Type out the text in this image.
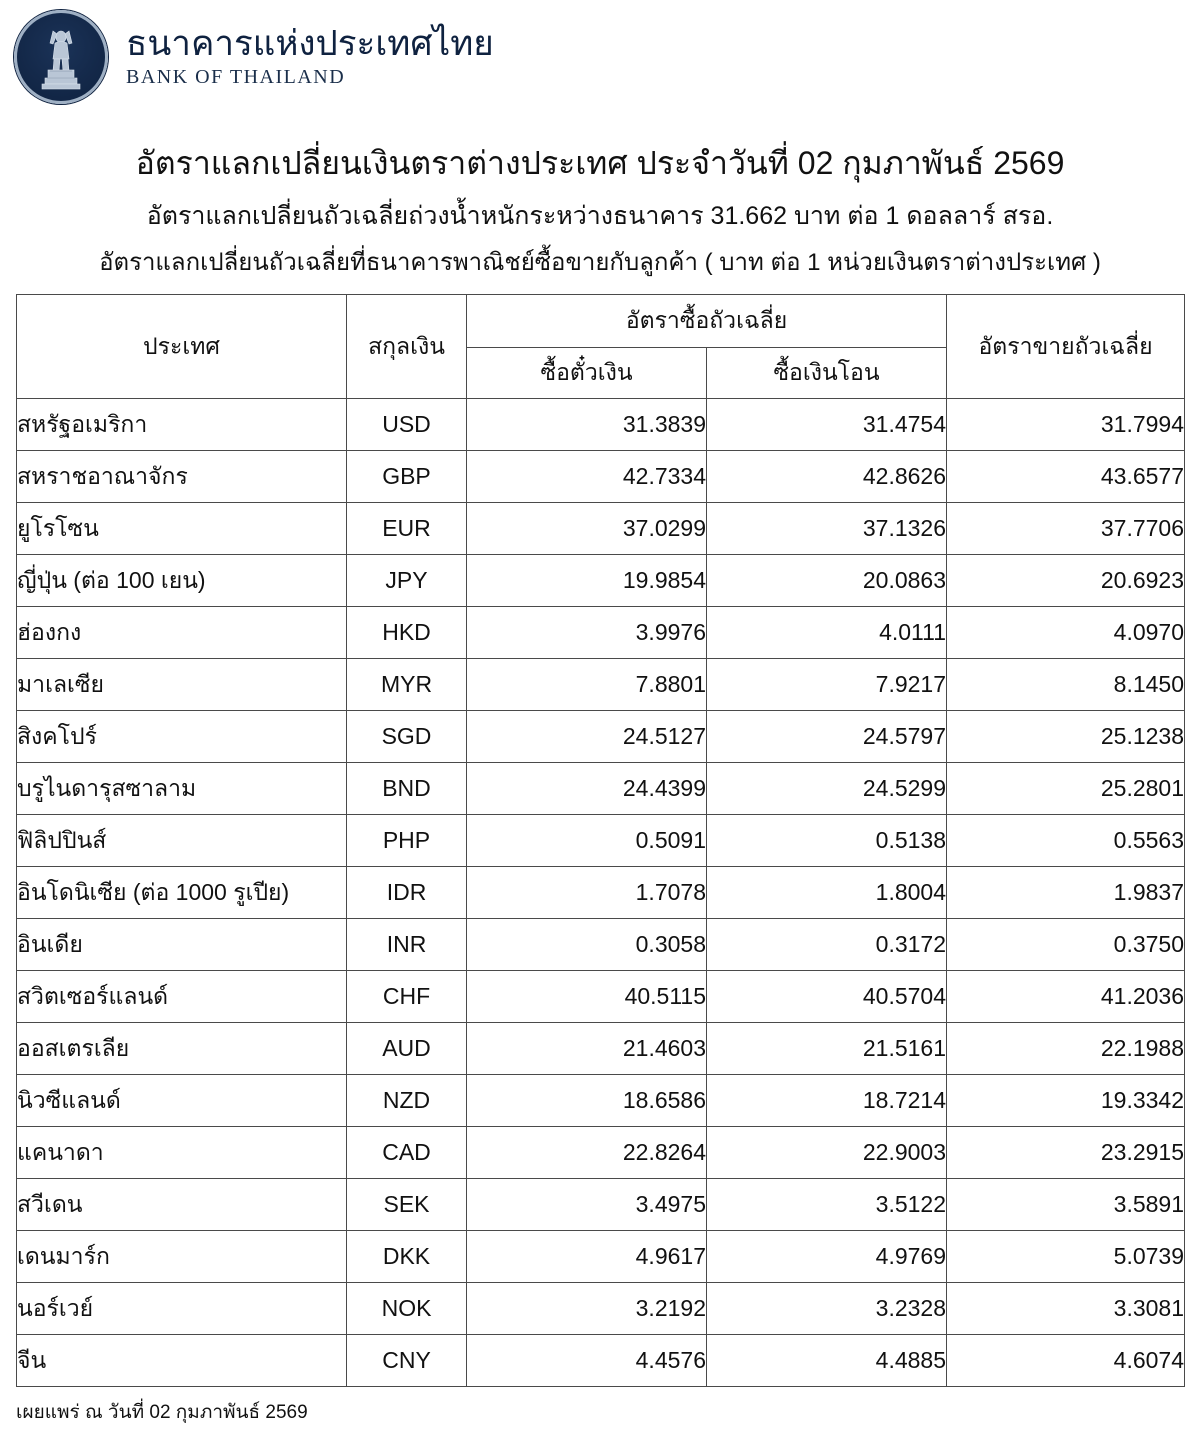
ธนาคารแห่งประเทศไทย
BANK OF THAILAND
อัตราแลกเปลี่ยนเงินตราต่างประเทศ ประจำวันที่ 02 กุมภาพันธ์ 2569
อัตราแลกเปลี่ยนถัวเฉลี่ยถ่วงน้ำหนักระหว่างธนาคาร 31.662 บาท ต่อ 1 ดอลลาร์ สรอ.
อัตราแลกเปลี่ยนถัวเฉลี่ยที่ธนาคารพาณิชย์ซื้อขายกับลูกค้า ( บาท ต่อ 1 หน่วยเงินตราต่างประเทศ )
ประเทศ	สกุลเงิน	อัตราซื้อถัวเฉลี่ย		อัตราขายถัวเฉลี่ย
		ซื้อตั๋วเงิน	ซื้อเงินโอน	
สหรัฐอเมริกา	USD	31.3839	31.4754	31.7994
สหราชอาณาจักร	GBP	42.7334	42.8626	43.6577
ยูโรโซน	EUR	37.0299	37.1326	37.7706
ญี่ปุ่น (ต่อ 100 เยน)	JPY	19.9854	20.0863	20.6923
ฮ่องกง	HKD	3.9976	4.0111	4.0970
มาเลเซีย	MYR	7.8801	7.9217	8.1450
สิงคโปร์	SGD	24.5127	24.5797	25.1238
บรูไนดารุสซาลาม	BND	24.4399	24.5299	25.2801
ฟิลิปปินส์	PHP	0.5091	0.5138	0.5563
อินโดนิเซีย (ต่อ 1000 รูเปีย)	IDR	1.7078	1.8004	1.9837
อินเดีย	INR	0.3058	0.3172	0.3750
สวิตเซอร์แลนด์	CHF	40.5115	40.5704	41.2036
ออสเตรเลีย	AUD	21.4603	21.5161	22.1988
นิวซีแลนด์	NZD	18.6586	18.7214	19.3342
แคนาดา	CAD	22.8264	22.9003	23.2915
สวีเดน	SEK	3.4975	3.5122	3.5891
เดนมาร์ก	DKK	4.9617	4.9769	5.0739
นอร์เวย์	NOK	3.2192	3.2328	3.3081
จีน	CNY	4.4576	4.4885	4.6074
เผยแพร่ ณ วันที่ 02 กุมภาพันธ์ 2569
